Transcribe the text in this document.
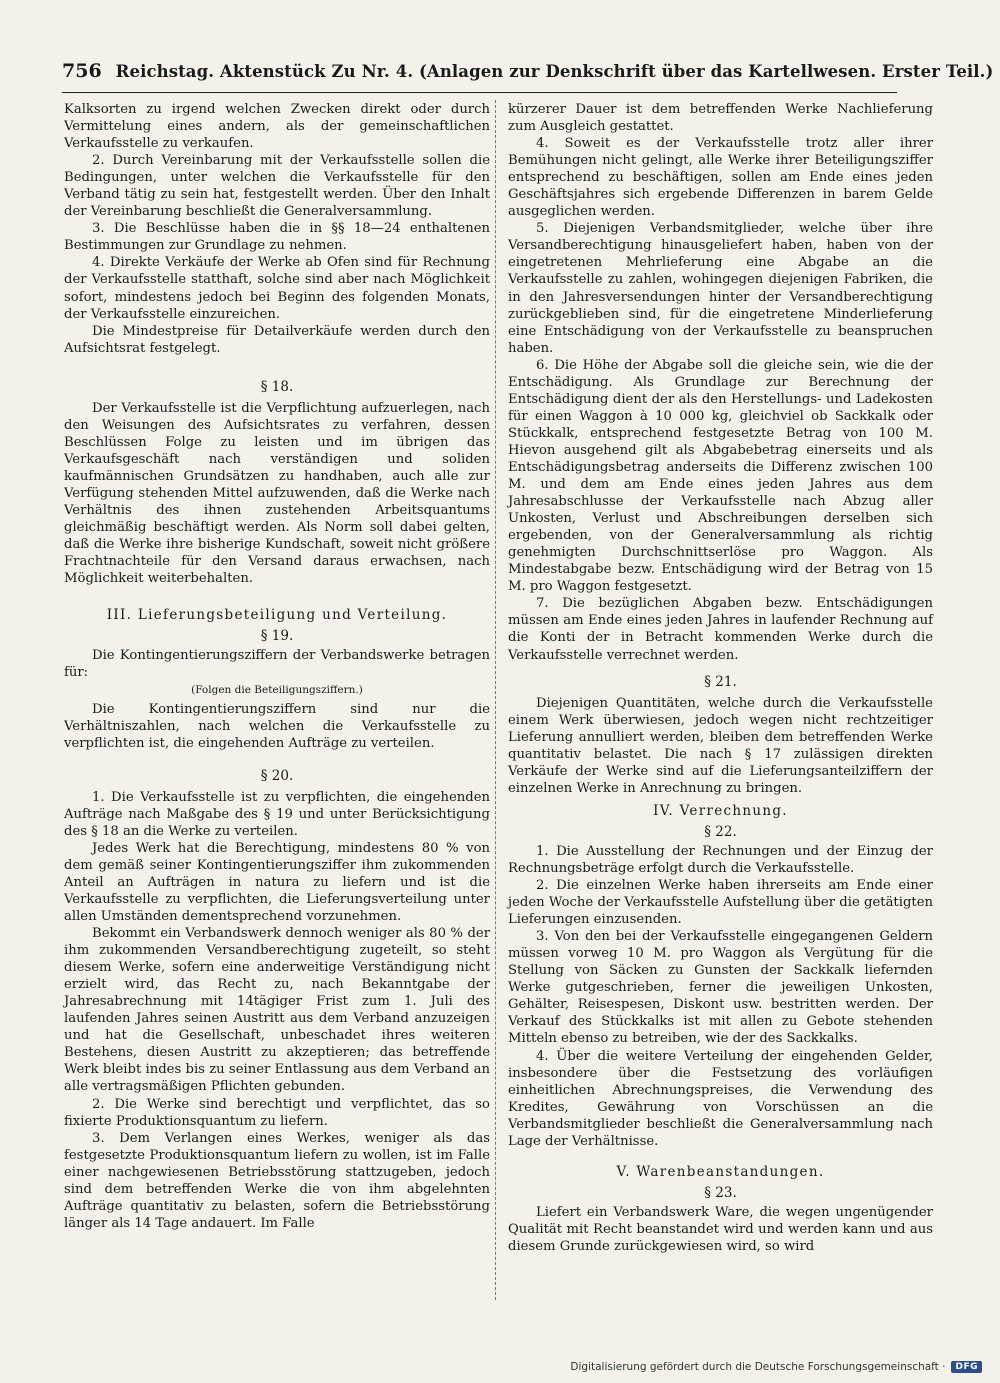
756 Reichstag. Aktenstück Zu Nr. 4. (Anlagen zur Denkschrift über das Kartellwesen. Erster Teil.)

Kalksorten zu irgend welchen Zwecken direkt oder durch Vermittelung eines andern, als der gemeinschaftlichen Verkaufsstelle zu verkaufen.

2. Durch Vereinbarung mit der Verkaufsstelle sollen die Bedingungen, unter welchen die Verkaufsstelle für den Verband tätig zu sein hat, festgestellt werden. Über den Inhalt der Vereinbarung beschließt die Generalversammlung.

3. Die Beschlüsse haben die in §§ 18—24 enthaltenen Bestimmungen zur Grundlage zu nehmen.

4. Direkte Verkäufe der Werke ab Ofen sind für Rechnung der Verkaufsstelle statthaft, solche sind aber nach Möglichkeit sofort, mindestens jedoch bei Beginn des folgenden Monats, der Verkaufsstelle einzureichen.

Die Mindestpreise für Detailverkäufe werden durch den Aufsichtsrat festgelegt.

§ 18.

Der Verkaufsstelle ist die Verpflichtung aufzuerlegen, nach den Weisungen des Aufsichtsrates zu verfahren, dessen Beschlüssen Folge zu leisten und im übrigen das Verkaufsgeschäft nach verständigen und soliden kaufmännischen Grundsätzen zu handhaben, auch alle zur Verfügung stehenden Mittel aufzuwenden, daß die Werke nach Verhältnis des ihnen zustehenden Arbeitsquantums gleichmäßig beschäftigt werden. Als Norm soll dabei gelten, daß die Werke ihre bisherige Kundschaft, soweit nicht größere Frachtnachteile für den Versand daraus erwachsen, nach Möglichkeit weiterbehalten.

III. Lieferungsbeteiligung und Verteilung.
§ 19.

Die Kontingentierungsziffern der Verbandswerke betragen für:

(Folgen die Beteiligungsziffern.)

Die Kontingentierungsziffern sind nur die Verhältniszahlen, nach welchen die Verkaufsstelle zu verpflichten ist, die eingehenden Aufträge zu verteilen.

§ 20.

1. Die Verkaufsstelle ist zu verpflichten, die eingehenden Aufträge nach Maßgabe des § 19 und unter Berücksichtigung des § 18 an die Werke zu verteilen.

Jedes Werk hat die Berechtigung, mindestens 80 % von dem gemäß seiner Kontingentierungsziffer ihm zukommenden Anteil an Aufträgen in natura zu liefern und ist die Verkaufsstelle zu verpflichten, die Lieferungsverteilung unter allen Umständen dementsprechend vorzunehmen.

Bekommt ein Verbandswerk dennoch weniger als 80 % der ihm zukommenden Versandberechtigung zugeteilt, so steht diesem Werke, sofern eine anderweitige Verständigung nicht erzielt wird, das Recht zu, nach Bekanntgabe der Jahresabrechnung mit 14tägiger Frist zum 1. Juli des laufenden Jahres seinen Austritt aus dem Verband anzuzeigen und hat die Gesellschaft, unbeschadet ihres weiteren Bestehens, diesen Austritt zu akzeptieren; das betreffende Werk bleibt indes bis zu seiner Entlassung aus dem Verband an alle vertragsmäßigen Pflichten gebunden.

2. Die Werke sind berechtigt und verpflichtet, das so fixierte Produktionsquantum zu liefern.

3. Dem Verlangen eines Werkes, weniger als das festgesetzte Produktionsquantum liefern zu wollen, ist im Falle einer nachgewiesenen Betriebsstörung stattzugeben, jedoch sind dem betreffenden Werke die von ihm abgelehnten Aufträge quantitativ zu belasten, sofern die Betriebsstörung länger als 14 Tage andauert. Im Falle

kürzerer Dauer ist dem betreffenden Werke Nachlieferung zum Ausgleich gestattet.

4. Soweit es der Verkaufsstelle trotz aller ihrer Bemühungen nicht gelingt, alle Werke ihrer Beteiligungsziffer entsprechend zu beschäftigen, sollen am Ende eines jeden Geschäftsjahres sich ergebende Differenzen in barem Gelde ausgeglichen werden.

5. Diejenigen Verbandsmitglieder, welche über ihre Versandberechtigung hinausgeliefert haben, haben von der eingetretenen Mehrlieferung eine Abgabe an die Verkaufsstelle zu zahlen, wohingegen diejenigen Fabriken, die in den Jahresversendungen hinter der Versandberechtigung zurückgeblieben sind, für die eingetretene Minderlieferung eine Entschädigung von der Verkaufsstelle zu beanspruchen haben.

6. Die Höhe der Abgabe soll die gleiche sein, wie die der Entschädigung. Als Grundlage zur Berechnung der Entschädigung dient der als den Herstellungs- und Ladekosten für einen Waggon à 10 000 kg, gleichviel ob Sackkalk oder Stückkalk, entsprechend festgesetzte Betrag von 100 M. Hievon ausgehend gilt als Abgabebetrag einerseits und als Entschädigungsbetrag anderseits die Differenz zwischen 100 M. und dem am Ende eines jeden Jahres aus dem Jahresabschlusse der Verkaufsstelle nach Abzug aller Unkosten, Verlust und Abschreibungen derselben sich ergebenden, von der Generalversammlung als richtig genehmigten Durchschnittserlöse pro Waggon. Als Mindestabgabe bezw. Entschädigung wird der Betrag von 15 M. pro Waggon festgesetzt.

7. Die bezüglichen Abgaben bezw. Entschädigungen müssen am Ende eines jeden Jahres in laufender Rechnung auf die Konti der in Betracht kommenden Werke durch die Verkaufsstelle verrechnet werden.

§ 21.

Diejenigen Quantitäten, welche durch die Verkaufsstelle einem Werk überwiesen, jedoch wegen nicht rechtzeitiger Lieferung annulliert werden, bleiben dem betreffenden Werke quantitativ belastet. Die nach § 17 zulässigen direkten Verkäufe der Werke sind auf die Lieferungsanteilziffern der einzelnen Werke in Anrechnung zu bringen.

IV. Verrechnung.
§ 22.

1. Die Ausstellung der Rechnungen und der Einzug der Rechnungsbeträge erfolgt durch die Verkaufsstelle.

2. Die einzelnen Werke haben ihrerseits am Ende einer jeden Woche der Verkaufsstelle Aufstellung über die getätigten Lieferungen einzusenden.

3. Von den bei der Verkaufsstelle eingegangenen Geldern müssen vorweg 10 M. pro Waggon als Vergütung für die Stellung von Säcken zu Gunsten der Sackkalk liefernden Werke gutgeschrieben, ferner die jeweiligen Unkosten, Gehälter, Reisespesen, Diskont usw. bestritten werden. Der Verkauf des Stückkalks ist mit allen zu Gebote stehenden Mitteln ebenso zu betreiben, wie der des Sackkalks.

4. Über die weitere Verteilung der eingehenden Gelder, insbesondere über die Festsetzung des vorläufigen einheitlichen Abrechnungspreises, die Verwendung des Kredites, Gewährung von Vorschüssen an die Verbandsmitglieder beschließt die Generalversammlung nach Lage der Verhältnisse.

V. Warenbeanstandungen.
§ 23.

Liefert ein Verbandswerk Ware, die wegen ungenügender Qualität mit Recht beanstandet wird und werden kann und aus diesem Grunde zurückgewiesen wird, so wird

Digitalisierung gefördert durch die Deutsche Forschungsgemeinschaft ·	DFG
